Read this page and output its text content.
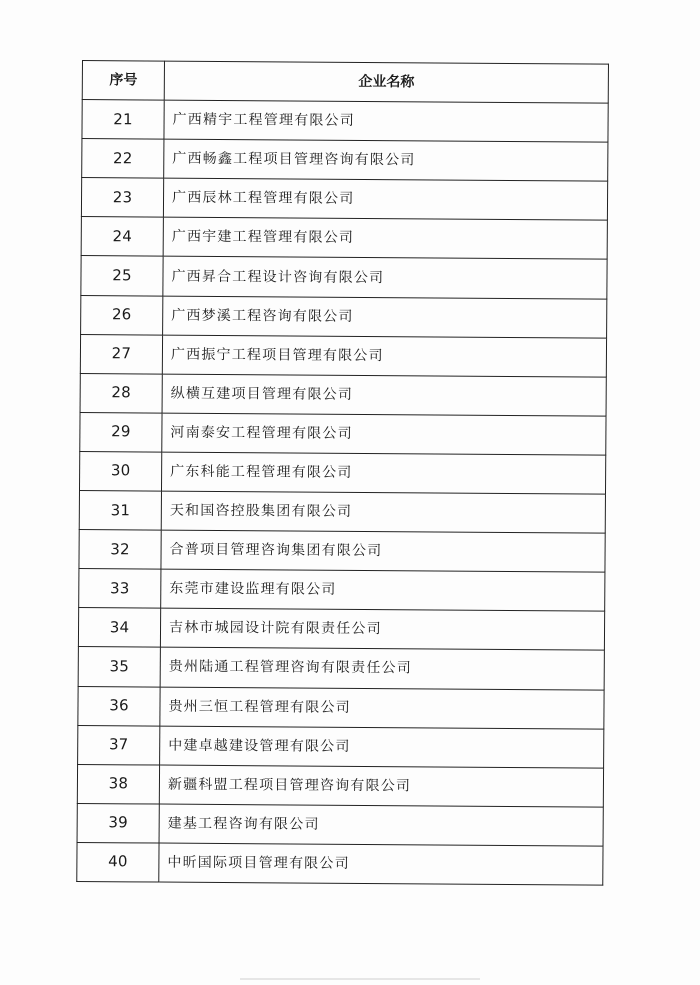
序号	企业名称
21	广西精宇工程管理有限公司
22	广西畅鑫工程项目管理咨询有限公司
23	广西辰林工程管理有限公司
24	广西宇建工程管理有限公司
25	广西昇合工程设计咨询有限公司
26	广西梦溪工程咨询有限公司
27	广西振宁工程项目管理有限公司
28	纵横互建项目管理有限公司
29	河南泰安工程管理有限公司
30	广东科能工程管理有限公司
31	天和国咨控股集团有限公司
32	合普项目管理咨询集团有限公司
33	东莞市建设监理有限公司
34	吉林市城园设计院有限责任公司
35	贵州陆通工程管理咨询有限责任公司
36	贵州三恒工程管理有限公司
37	中建卓越建设管理有限公司
38	新疆科盟工程项目管理咨询有限公司
39	建基工程咨询有限公司
40	中昕国际项目管理有限公司
